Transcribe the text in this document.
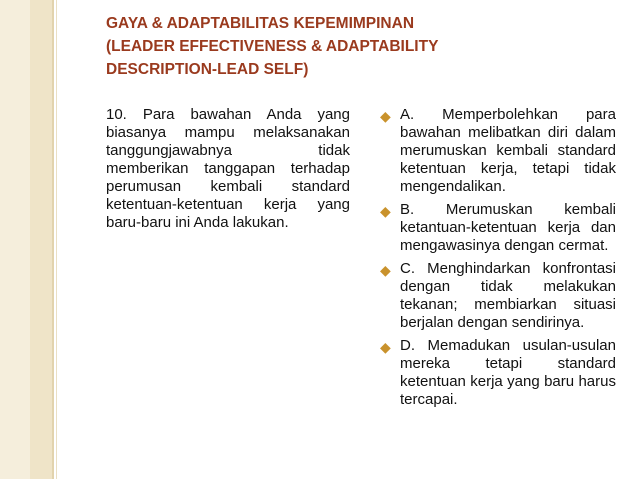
GAYA & ADAPTABILITAS KEPEMIMPINAN
(LEADER EFFECTIVENESS & ADAPTABILITY
DESCRIPTION-LEAD SELF)

10. Para bawahan Anda yang biasanya mampu melaksanakan tanggungjawabnya tidak memberikan tanggapan terhadap perumusan kembali standard ketentuan-ketentuan kerja yang baru-baru ini Anda lakukan.

◆ A. Memperbolehkan para bawahan melibatkan diri dalam merumuskan kembali standard ketentuan kerja, tetapi tidak mengendalikan.
◆ B. Merumuskan kembali ketantuan-ketentuan kerja dan mengawasinya dengan cermat.
◆ C. Menghindarkan konfrontasi dengan tidak melakukan tekanan; membiarkan situasi berjalan dengan sendirinya.
◆ D. Memadukan usulan-usulan mereka tetapi standard ketentuan kerja yang baru harus tercapai.
